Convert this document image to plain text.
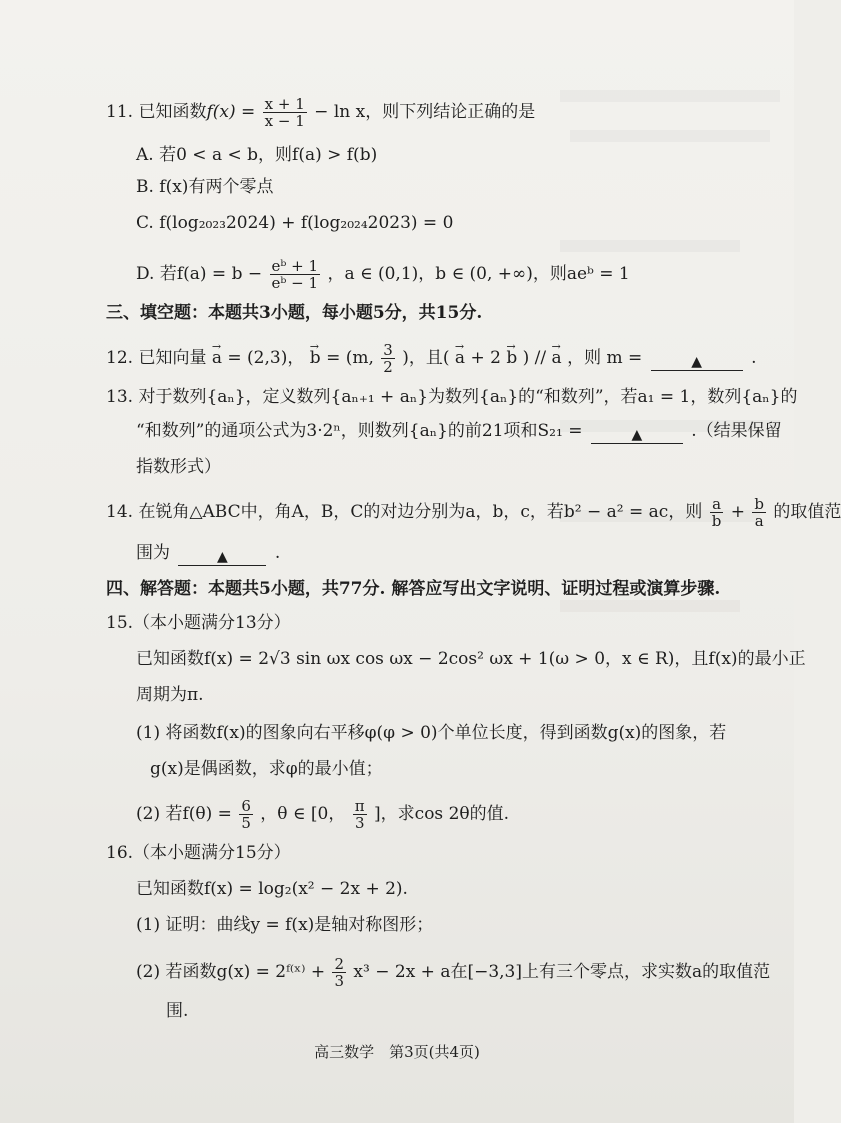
11. 已知函数$f(x) = \frac{x + 1}{x - 1} - \ln x$，则下列结论正确的是
A. 若0 < a < b，则f(a) > f(b)
B. f(x)有两个零点
C. f(log₂₀₂₃2024) + f(log₂₀₂₄2023) = 0
D. 若$f(a) = b - \frac{\text{eᵇ + 1}}{\text{eᵇ − 1}}$ ，a ∈ (0,1)，b ∈ (0, +∞)，则aeᵇ = 1
三、填空题：本题共3小题，每小题5分，共15分.
12. 已知向量 → a = (2,3)， → b = (m, $\frac{3}{2}$ )，且( → a + 2 → b ) // → a ，则 m =	▲	.
13. 对于数列{aₙ}，定义数列{aₙ₊₁ + aₙ}为数列{aₙ}的“和数列”，若a₁ = 1，数列{aₙ}的
“和数列”的通项公式为3·2ⁿ，则数列{aₙ}的前21项和S₂₁ =	▲	.（结果保留
指数形式）
14. 在锐角△ABC中，角A，B，C的对边分别为a，b，c，若b² − a² = ac，则 $\frac{a}{b} + \frac{b}{a}$ 的取值范
围为	▲	.
四、解答题：本题共5小题，共77分. 解答应写出文字说明、证明过程或演算步骤.
15.（本小题满分13分）
已知函数f(x) = 2√3 sin ωx cos ωx − 2cos² ωx + 1(ω > 0，x ∈ R)，且f(x)的最小正
周期为π.
(1) 将函数f(x)的图象向右平移φ(φ > 0)个单位长度，得到函数g(x)的图象，若
g(x)是偶函数，求φ的最小值；
(2) 若$f(\theta) = \frac{6}{5}$ ，θ ∈ [0， $\frac{\pi}{3}$ ]，求cos 2θ的值.
16.（本小题满分15分）
已知函数f(x) = log₂(x² − 2x + 2).
(1) 证明：曲线y = f(x)是轴对称图形；
(2) 若函数g(x) = 2ᶠ⁽ˣ⁾ + $\frac{2}{3} x^3 - 2x + a$在[−3,3]上有三个零点，求实数a的取值范
围.
高三数学　第3页(共4页)
